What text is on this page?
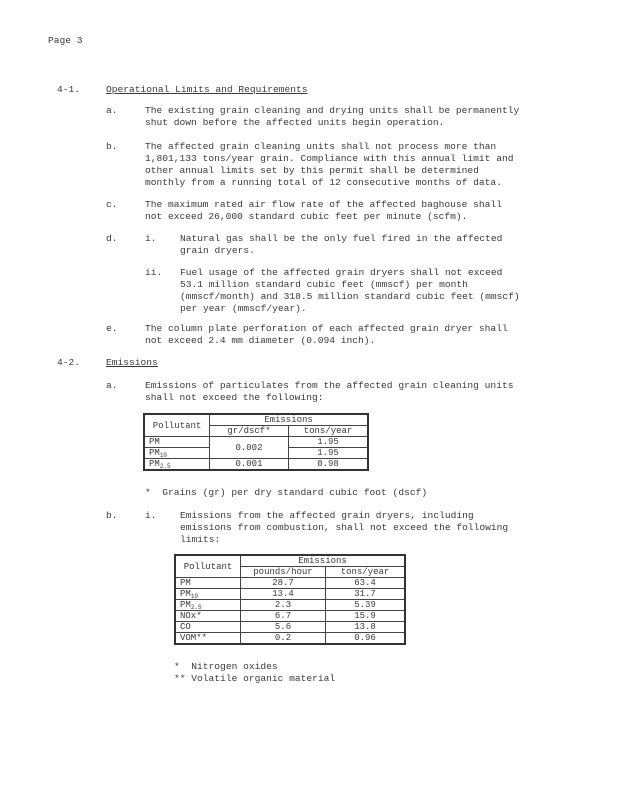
Page 3
4-1.	Operational Limits and Requirements
a.	The existing grain cleaning and drying units shall be permanently
shut down before the affected units begin operation.
b.	The affected grain cleaning units shall not process more than
1,801,133 tons/year grain. Compliance with this annual limit and
other annual limits set by this permit shall be determined
monthly from a running total of 12 consecutive months of data.
c.	The maximum rated air flow rate of the affected baghouse shall
not exceed 26,000 standard cubic feet per minute (scfm).
d.	i. Natural gas shall be the only fuel fired in the affected
grain dryers.
ii. Fuel usage of the affected grain dryers shall not exceed
53.1 million standard cubic feet (mmscf) per month
(mmscf/month) and 318.5 million standard cubic feet (mmscf)
per year (mmscf/year).
e.	The column plate perforation of each affected grain dryer shall
not exceed 2.4 mm diameter (0.094 inch).
4-2.	Emissions
a.	Emissions of particulates from the affected grain cleaning units
shall not exceed the following:
Pollutant	Emissions	
	gr/dscf*	tons/year
PM	0.002	1.95
$PM_{10}$		1.95
$PM_{2.5}$	0.001	0.98
*  Grains (gr) per dry standard cubic foot (dscf)
b.	i. Emissions from the affected grain dryers, including
emissions from combustion, shall not exceed the following
limits:
Pollutant	Emissions	
	pounds/hour	tons/year
PM	28.7	63.4
$PM_{10}$	13.4	31.7
$PM_{2.5}$	2.3	5.39
NOx*	6.7	15.9
CO	5.6	13.8
VOM**	0.2	0.96
*  Nitrogen oxides
** Volatile organic material
